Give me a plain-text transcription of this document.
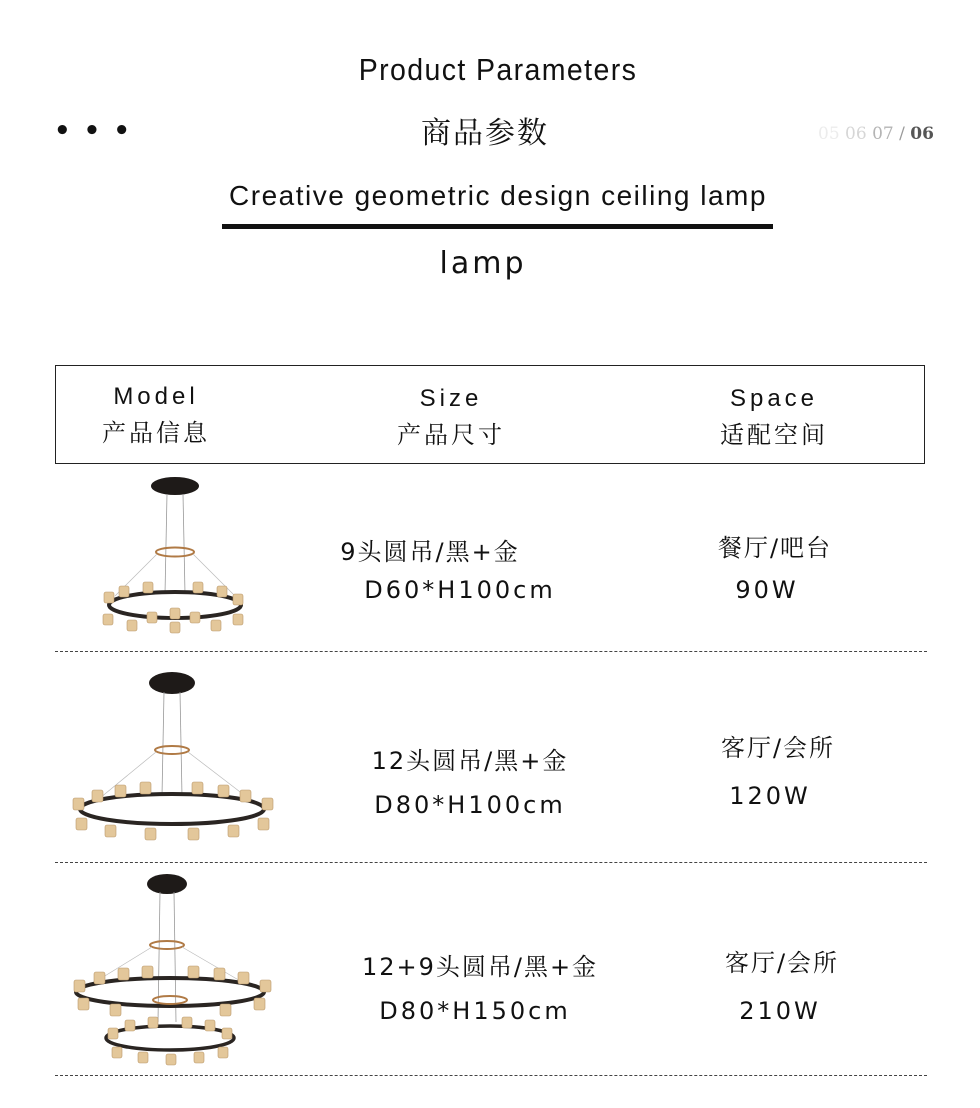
Product Parameters
商品参数
• • •	05 06 07 / 06
Creative geometric design ceiling lamp
lamp
Model
产品信息
Size
产品尺寸
Space
适配空间
9头圆吊/黑+金
D60*H100cm
餐厅/吧台
90W
12头圆吊/黑+金
D80*H100cm
客厅/会所
120W
12+9头圆吊/黑+金
D80*H150cm
客厅/会所
210W
